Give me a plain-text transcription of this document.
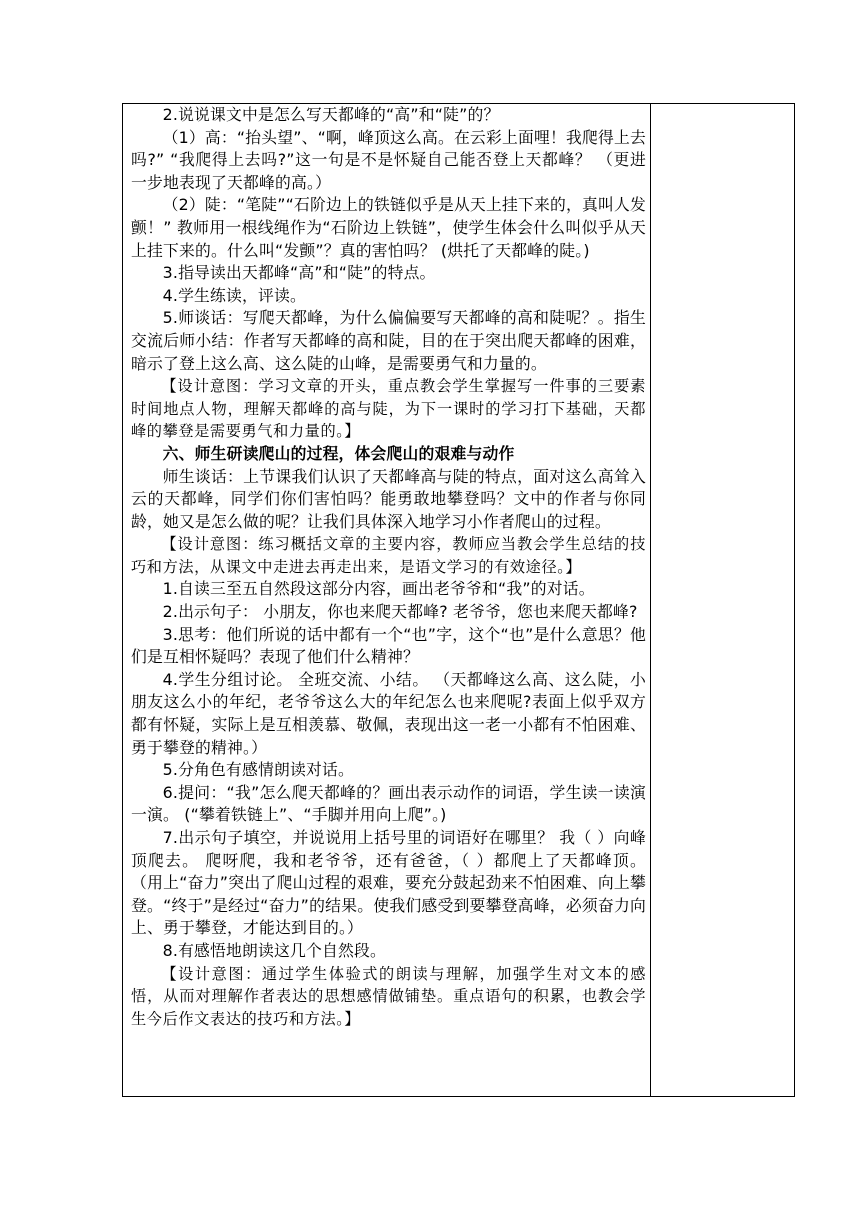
2.说说课文中是怎么写天都峰的“高”和“陡”的？

（1）高：“抬头望”、“啊，峰顶这么高。在云彩上面哩！我爬得上去吗?” “我爬得上去吗?”这一句是不是怀疑自己能否登上天都峰？ （更进一步地表现了天都峰的高。）

（2）陡：“笔陡”“石阶边上的铁链似乎是从天上挂下来的，真叫人发颤！” 教师用一根线绳作为“石阶边上铁链”，使学生体会什么叫似乎从天上挂下来的。什么叫“发颤”？真的害怕吗？ (烘托了天都峰的陡。)

3.指导读出天都峰“高”和“陡”的特点。

4.学生练读，评读。

5.师谈话：写爬天都峰，为什么偏偏要写天都峰的高和陡呢？。指生交流后师小结：作者写天都峰的高和陡，目的在于突出爬天都峰的困难，暗示了登上这么高、这么陡的山峰，是需要勇气和力量的。

【设计意图：学习文章的开头，重点教会学生掌握写一件事的三要素时间地点人物，理解天都峰的高与陡，为下一课时的学习打下基础，天都峰的攀登是需要勇气和力量的。】

六、师生研读爬山的过程，体会爬山的艰难与动作

师生谈话：上节课我们认识了天都峰高与陡的特点，面对这么高耸入云的天都峰，同学们你们害怕吗？能勇敢地攀登吗？文中的作者与你同龄，她又是怎么做的呢？让我们具体深入地学习小作者爬山的过程。

【设计意图：练习概括文章的主要内容，教师应当教会学生总结的技巧和方法，从课文中走进去再走出来，是语文学习的有效途径。】

1.自读三至五自然段这部分内容，画出老爷爷和“我”的对话。

2.出示句子： 小朋友，你也来爬天都峰? 老爷爷，您也来爬天都峰?

3.思考：他们所说的话中都有一个“也”字，这个“也”是什么意思？他们是互相怀疑吗？表现了他们什么精神？

4.学生分组讨论。 全班交流、小结。 （天都峰这么高、这么陡，小朋友这么小的年纪，老爷爷这么大的年纪怎么也来爬呢?表面上似乎双方都有怀疑，实际上是互相羡慕、敬佩，表现出这一老一小都有不怕困难、勇于攀登的精神。）

5.分角色有感情朗读对话。

6.提问：“我”怎么爬天都峰的？画出表示动作的词语，学生读一读演一演。 (“攀着铁链上”、“手脚并用向上爬”。)

7.出示句子填空，并说说用上括号里的词语好在哪里？ 我（ ）向峰顶爬去。 爬呀爬，我和老爷爷，还有爸爸，（ ）都爬上了天都峰顶。 （用上“奋力”突出了爬山过程的艰难，要充分鼓起劲来不怕困难、向上攀登。“终于”是经过“奋力”的结果。使我们感受到要攀登高峰，必须奋力向上、勇于攀登，才能达到目的。）

8.有感悟地朗读这几个自然段。

【设计意图：通过学生体验式的朗读与理解，加强学生对文本的感悟，从而对理解作者表达的思想感情做铺垫。重点语句的积累，也教会学生今后作文表达的技巧和方法。】
